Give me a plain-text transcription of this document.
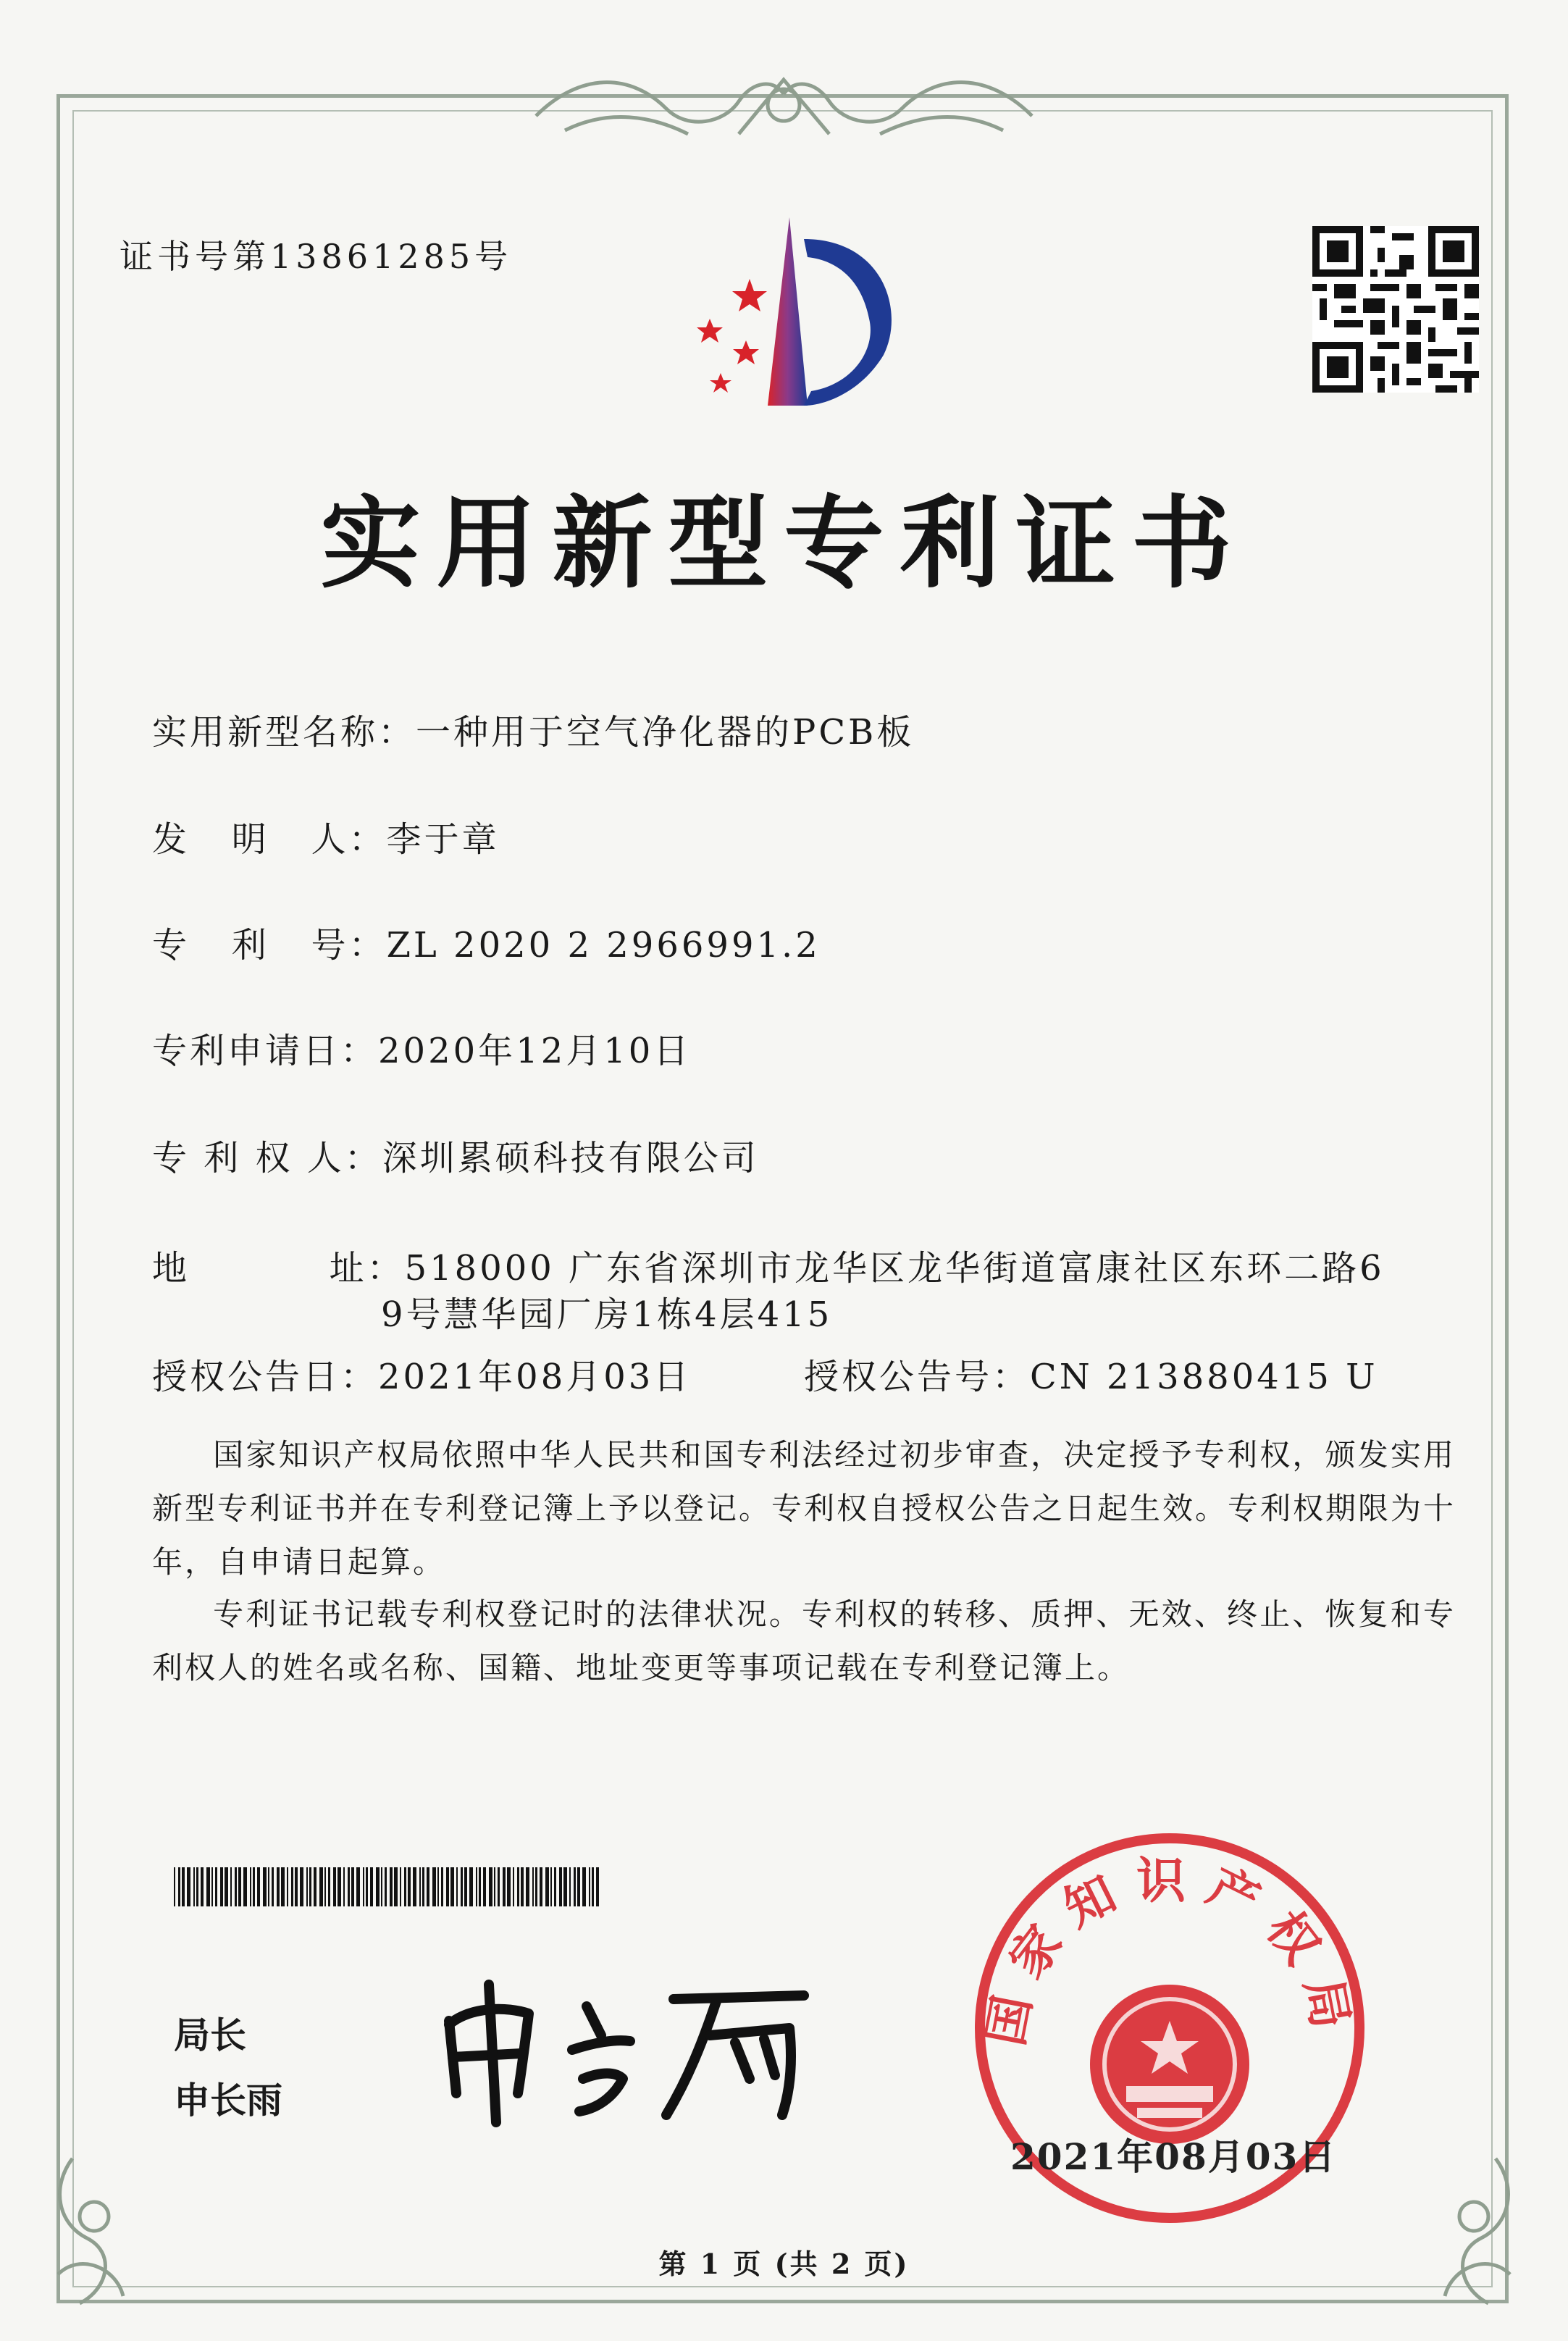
证书号第13861285号
实用新型专利证书
实用新型名称：一种用于空气净化器的PCB板
发   明   人：李于章
专   利   号：ZL 2020 2 2966991.2
专利申请日：2020年12月10日
专 利 权 人：深圳累硕科技有限公司
地          址：518000 广东省深圳市龙华区龙华街道富康社区东环二路6
9号慧华园厂房1栋4层415
授权公告日：2021年08月03日	授权公告号：CN 213880415 U
国家知识产权局依照中华人民共和国专利法经过初步审查，决定授予专利权，颁发实用新型专利证书并在专利登记簿上予以登记。专利权自授权公告之日起生效。专利权期限为十年，自申请日起算。
专利证书记载专利权登记时的法律状况。专利权的转移、质押、无效、终止、恢复和专利权人的姓名或名称、国籍、地址变更等事项记载在专利登记簿上。
局长
申长雨
国家知识产权局
2021年08月03日
第 1 页 (共 2 页)
